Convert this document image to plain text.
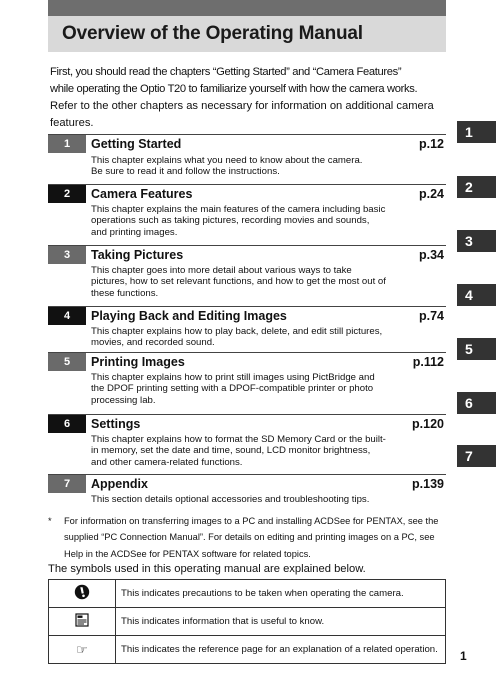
Overview of the Operating Manual
First, you should read the chapters “Getting Started” and “Camera Features”
while operating the Optio T20 to familiarize yourself with how the camera works.
Refer to the other chapters as necessary for information on additional camera features.
1	Getting Started	p.12
This chapter explains what you need to know about the camera.
Be sure to read it and follow the instructions.
2	Camera Features	p.24
This chapter explains the main features of the camera including basic
operations such as taking pictures, recording movies and sounds,
and printing images.
3	Taking Pictures	p.34
This chapter goes into more detail about various ways to take
pictures, how to set relevant functions, and how to get the most out of
these functions.
4	Playing Back and Editing Images	p.74
This chapter explains how to play back, delete, and edit still pictures,
movies, and recorded sound.
5	Printing Images	p.112
This chapter explains how to print still images using PictBridge and
the DPOF printing setting with a DPOF-compatible printer or photo
processing lab.
6	Settings	p.120
This chapter explains how to format the SD Memory Card or the built-
in memory, set the date and time, sound, LCD monitor brightness,
and other camera-related functions.
7	Appendix	p.139
This section details optional accessories and troubleshooting tips.
1
2
3
4
5
6
7
* For information on transferring images to a PC and installing ACDSee for PENTAX, see the supplied “PC Connection Manual”. For details on editing and printing images on a PC, see Help in the ACDSee for PENTAX software for related topics.
The symbols used in this operating manual are explained below.
	This indicates precautions to be taken when operating the camera.
	This indicates information that is useful to know.
☞	This indicates the reference page for an explanation of a related operation. 1
